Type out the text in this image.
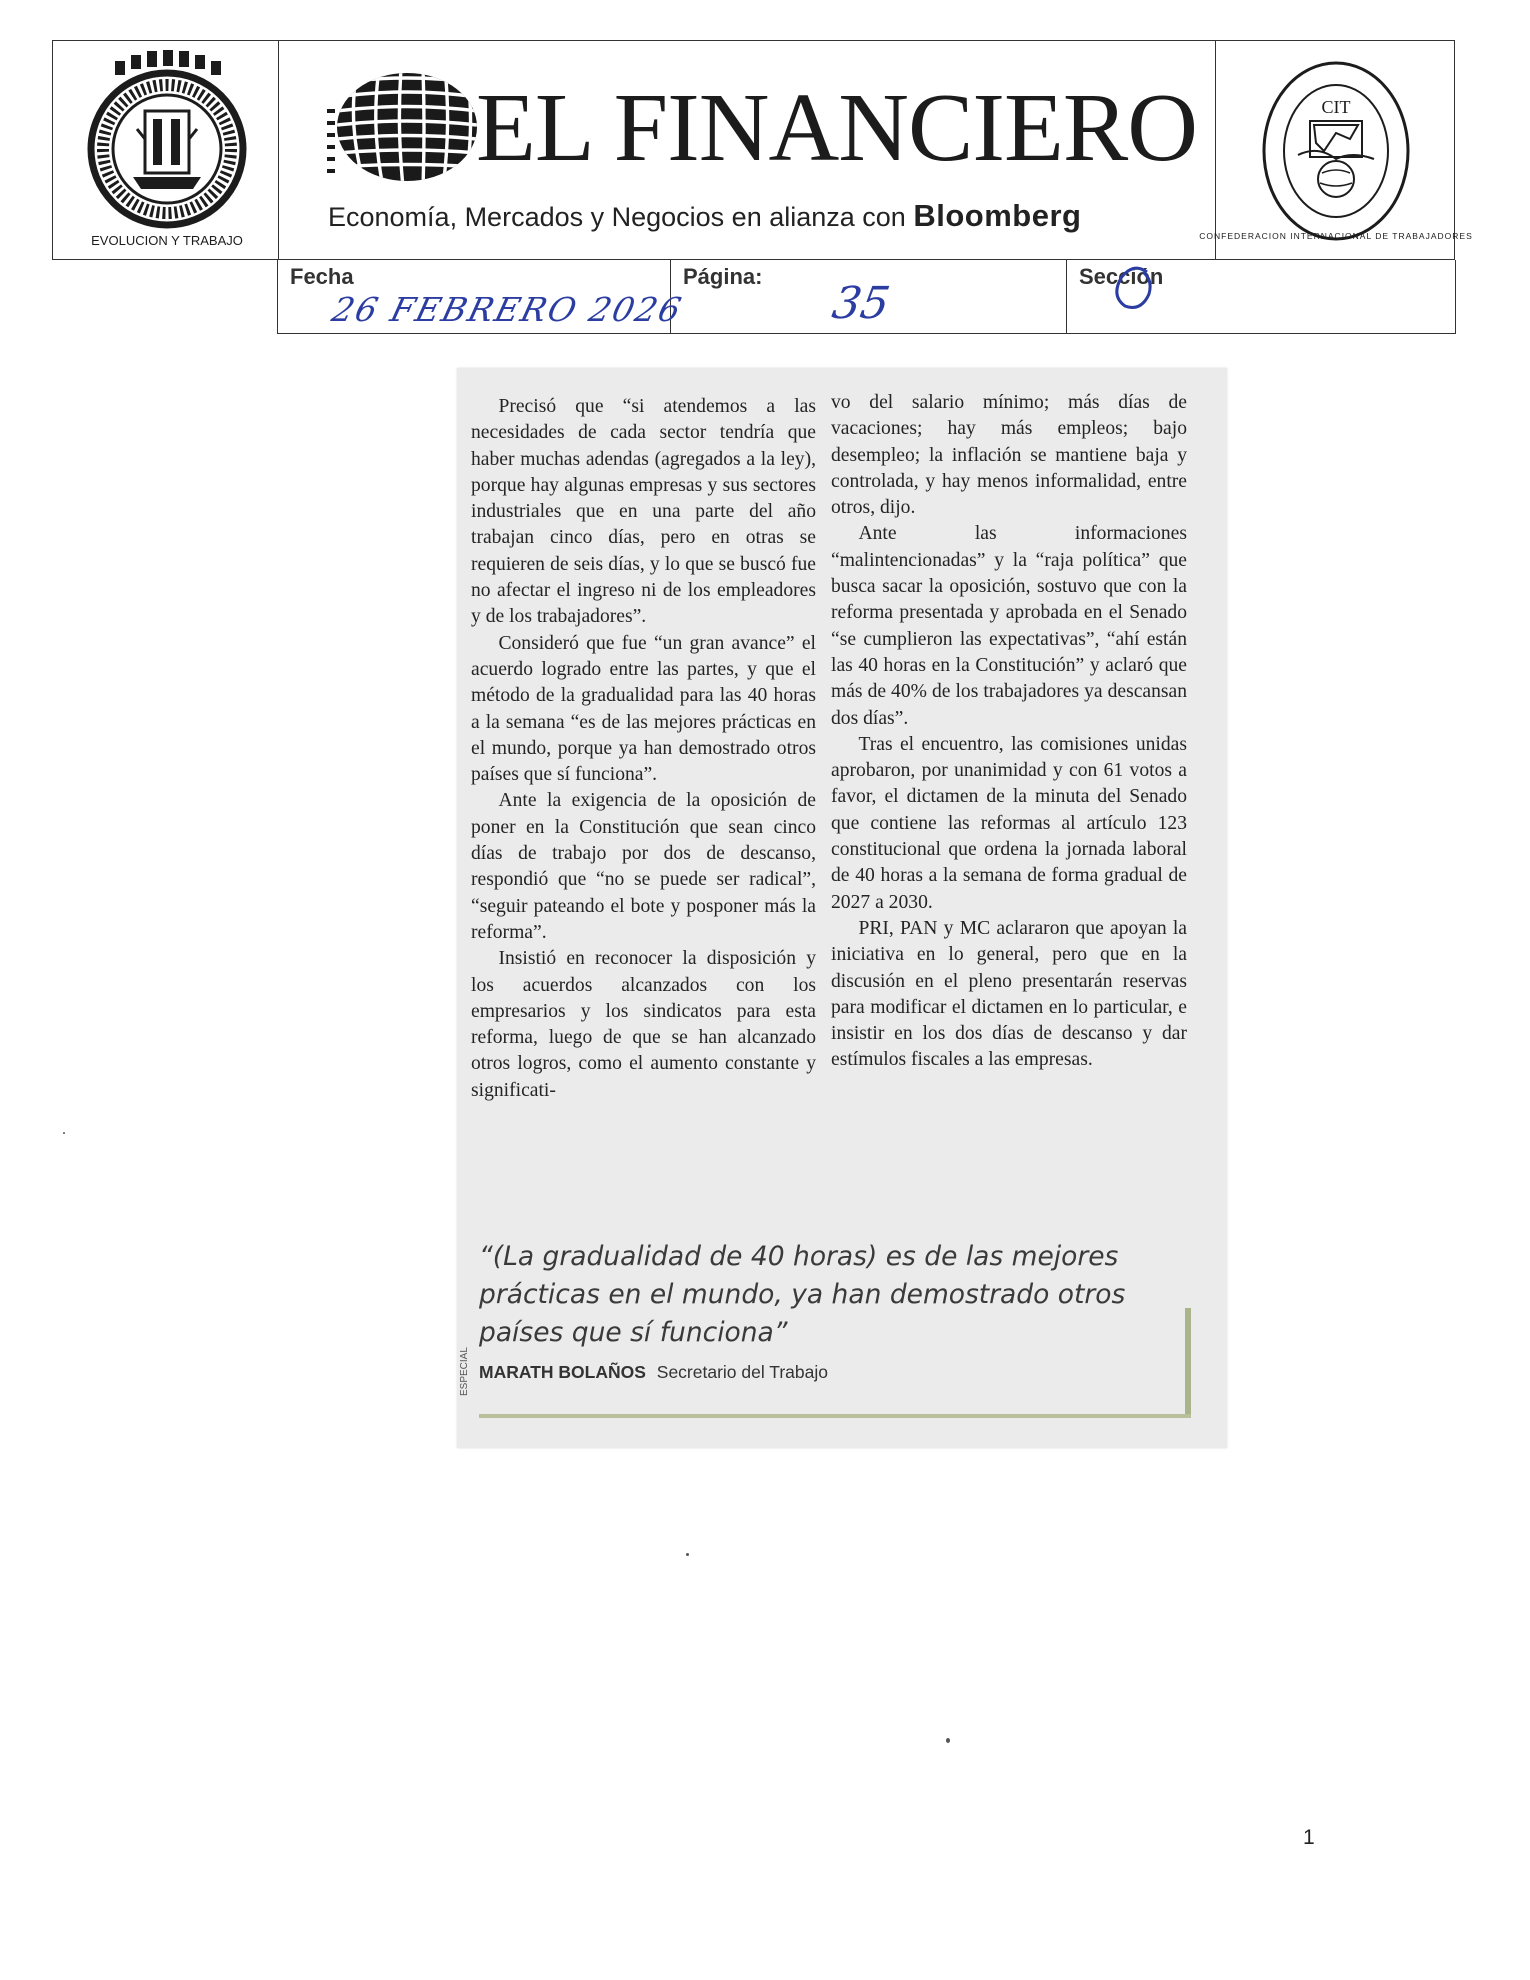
EVOLUCION Y TRABAJO
EL FINANCIERO
Economía, Mercados y Negocios en alianza con Bloomberg
CIT
CONFEDERACION INTERNACIONAL DE TRABAJADORES
Fecha
26 FEBRERO 2026
Página:
35
Sección

Precisó que “si atendemos a las necesidades de cada sector tendría que haber muchas adendas (agregados a la ley), porque hay algunas empresas y sus sectores industriales que en una parte del año trabajan cinco días, pero en otras se requieren de seis días, y lo que se buscó fue no afectar el ingreso ni de los empleadores y de los trabajadores”.

Consideró que fue “un gran avance” el acuerdo logrado entre las partes, y que el método de la gradualidad para las 40 horas a la semana “es de las mejores prácticas en el mundo, porque ya han demostrado otros países que sí funciona”.

Ante la exigencia de la oposición de poner en la Constitución que sean cinco días de trabajo por dos de descanso, respondió que “no se puede ser radical”, “seguir pateando el bote y posponer más la reforma”.

Insistió en reconocer la disposición y los acuerdos alcanzados con los empresarios y los sindicatos para esta reforma, luego de que se han alcanzado otros logros, como el aumento constante y significati-

vo del salario mínimo; más días de vacaciones; hay más empleos; bajo desempleo; la inflación se mantiene baja y controlada, y hay menos informalidad, entre otros, dijo.

Ante las informaciones “malintencionadas” y la “raja política” que busca sacar la oposición, sostuvo que con la reforma presentada y aprobada en el Senado “se cumplieron las expectativas”, “ahí están las 40 horas en la Constitución” y aclaró que más de 40% de los trabajadores ya descansan dos días”.

Tras el encuentro, las comisiones unidas aprobaron, por unanimidad y con 61 votos a favor, el dictamen de la minuta del Senado que contiene las reformas al artículo 123 constitucional que ordena la jornada laboral de 40 horas a la semana de forma gradual de 2027 a 2030.

PRI, PAN y MC aclararon que apoyan la iniciativa en lo general, pero que en la discusión en el pleno presentarán reservas para modificar el dictamen en lo particular, e insistir en los dos días de descanso y dar estímulos fiscales a las empresas.

ESPECIAL

“(La gradualidad de 40 horas) es de las mejores prácticas en el mundo, ya han demostrado otros países que sí funciona”

MARATH BOLAÑOS Secretario del Trabajo
1
